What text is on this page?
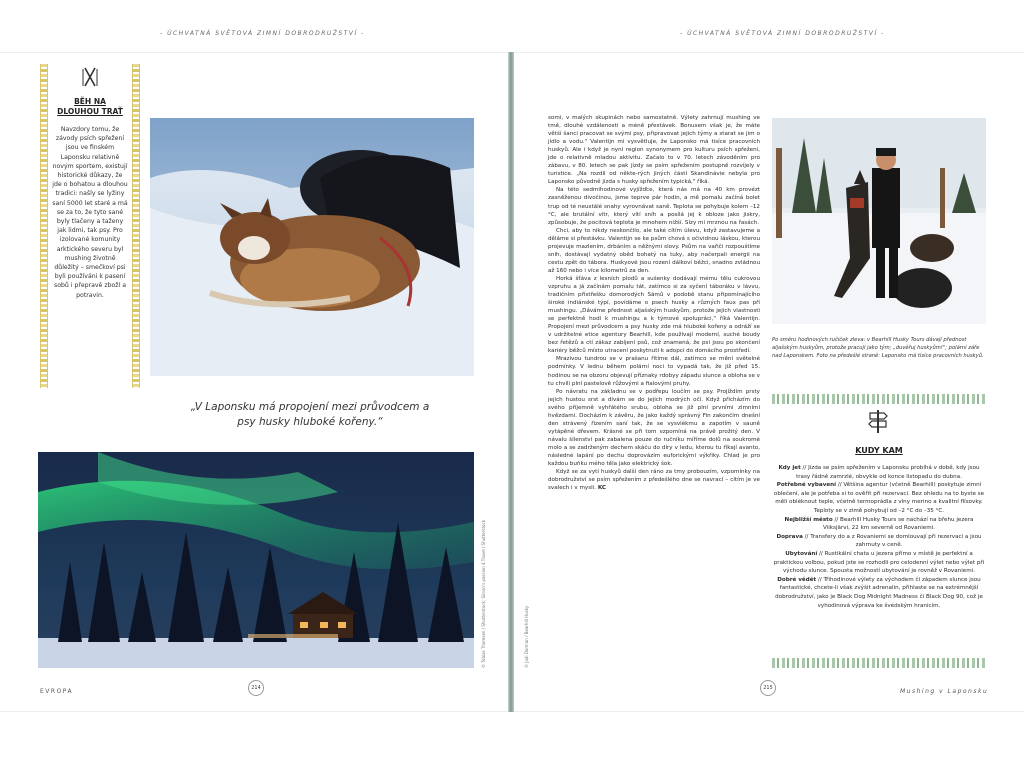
- ÚCHVATNÁ SVĚTOVÁ ZIMNÍ DOBRODRUŽSTVÍ -	- ÚCHVATNÁ SVĚTOVÁ ZIMNÍ DOBRODRUŽSTVÍ -
BĚH NA DLOUHOU TRAŤ
Navzdory tomu, že závody psích spřežení jsou ve finském Laponsku relativně novým sportem, existují historické důkazy, že jde o bohatou a dlouhou tradici: našly se lyžiny saní 5000 let staré a má se za to, že tyto sané byly tlačeny a taženy jak lidmi, tak psy. Pro izolované komunity arktického severu byl mushing životně důležitý – smečkoví psi byli používáni k pasení sobů i přepravě zboží a potravin.
„V Laponsku má propojení mezi průvodcem a psy husky hluboké kořeny.“
© Tobias Thoresen / Shutterstock; Simon's passion 4 Travel / Shutterstock
EVROPA	214
© Jodi Dorman / Bearhill Husky

somi, v malých skupinách nebo samostatně. Výlety zahrnují mushing ve tmě, dlouhé vzdálenosti a méně přestávek. Bonusem však je, že máte větší šanci pracovat se svými psy, připravovat jejich týmy a starat se jim o jídlo a vodu." Valentijn mi vysvětluje, že Laponsko má tisíce pracovních huskyů. Ale i když je nyní region synonymem pro kulturu psích spřežení, jde o relativně mladou aktivitu. Začalo to v 70. letech závoděním pro zábavu, v 80. letech se pak jízdy se psím spřežením postupně rozvíjely v turistice. „Na rozdíl od někte-rých jiných částí Skandinávie nebyla pro Laponsko původně jízda s husky spřežením typická," říká.

Na této sedmihodinové vyjížďce, která nás má na 40 km provézt zasněženou divočinou, jsme teprve pár hodin, a mě pomalu začíná bolet trup od té neustálé snahy vyrovnávat saně. Teplota se pohybuje kolem –12 °C, ale brutální vítr, který vítí sníh a posílá jej k obloze jako jiskry, způsobuje, že pocitová teplota je mnohem nižší. Slzy mi mrznou na řasách.

Chci, aby to nikdy neskončilo, ale také cítím úlevu, když zastavujeme a děláme si přestávku. Valentijn se ke psům chová s očividnou láskou, kterou projevuje mazlením, drbáním a něžnými slovy. Psům na vařiči rozpouštíme sníh, dostávají vydatný oběd bohatý na tuky, aby načerpali energii na cestu zpět do tábora. Huskyové jsou rození dálkoví běžci, snadno zvládnou až 160 nebo i více kilometrů za den.

Horká šťáva z lesních plodů a sušenky dodávají mému tělu cukrovou vzpruhu a já začínám pomalu tát, zatímco si za syčení táboráku v lávvu, tradičním přístřešku domorodých Sámů v podobě stanu připomínajícího široké indiánské týpí, povídáme o psech husky a různých faux pas při mushingu. „Dáváme přednost aljašským huskyům, protože jejich vlastnosti se perfektně hodí k mushingu a k týmové spolupráci," říká Valentijn. Propojení mezi průvodcem a psy husky zde má hluboké kořeny a odráží se v udržitelné etice agentury Bearhill, kde používají moderní, suché boudy bez řetězů a ctí zákaz zabíjení psů, což znamená, že psi jsou po skončení kariéry běžců místo utracení poskytnuti k adopci do domácího prostředí.

Mrazivou tundrou se v prašanu řítíme dál, zatímco se mění světelné podmínky. V lednu během polární noci to vypadá tak, že již před 15. hodinou se na obzoru objevují příznaky rdobyy západu slunce a obloha se v tu chvíli plní pastelově růžovými a fialovými pruhy.

Po návratu na základnu se v podřepu loučím se psy. Projíždím prsty jejich hustou srst a dívám se do jejich modrých očí. Když přicházím do svého příjemně vyhřátého srubu, obloha se již plní prvními zimními hvězdami. Docházím k závěru, že jako každý správný Fin zakončím dnešní den strávený řízením saní tak, že se vysvlékmu a zapotím v sauně vytápěné dřevem. Krásné se při tom vzpomíná na právě prožitý den. V návalu šílenství pak zabalena pouze do ručníku míříme dolů na soukromé molo a se zadrženým dechem skáču do díry v ledu, kterou tu říkají avanto, následné lapání po dechu doprovázím euforickými výkřiky. Chlad je pro každou buňku mého těla jako elektrický šok.

Když se za vytí huskyů další den ráno za tmy probouzím, vzpomínky na dobrodružství se psím spřežením z předešlého dne se navrací – cítím je ve svalech i v mysli. KC

Po směru hodinových ručiček zleva: v Bearhill Husky Tours dávají přednost aljašským huskyům, protože pracují jako tým; „duvěřuj huskyům!"; polární záře nad Laponskem. Foto na předešlé straně: Laponsko má tisíce pracovních huskyů.
KUDY KAM
Kdy jet // Jízda se psím spřežením v Laponsku probíhá v době, kdy jsou trasy řádně zamrzlé, obvykle od konce listopadu do dubna.
Potřebné vybavení // Většina agentur (včetně Bearhill) poskytuje zimní oblečení, ale je potřeba si to ověřit při rezervaci. Bez ohledu na to byste se měli obléknout teple, včetně termoprádla z vlny merino a kvalitní flísovky. Teploty se v zimě pohybují od –2 °C do –35 °C.
Nejbližší město // Bearhill Husky Tours se nachází na břehu jezera Viiksjärvi, 22 km severně od Rovaniemi.
Doprava // Transfery do a z Rovaniemi se domlouvají při rezervaci a jsou zahrnuty v ceně.
Ubytování // Rustikální chata u jezera přímo v místě je perfektní a praktickou volbou, pokud jste se rozhodli pro celodenní výlet nebo výlet při východu slunce. Spousta možností ubytování je rovněž v Rovaniemi.
Dobré vědět // Třihodinové výlety za východem či západem slunce jsou fantastické, chcete-li však zvýšit adrenalin, přihlaste se na extrémnější dobrodružství, jako je Black Dog Midnight Madness či Black Dog 90, což je vyhodinová výprava ke švédským hranicím.
215	Mushing v Laponsku
